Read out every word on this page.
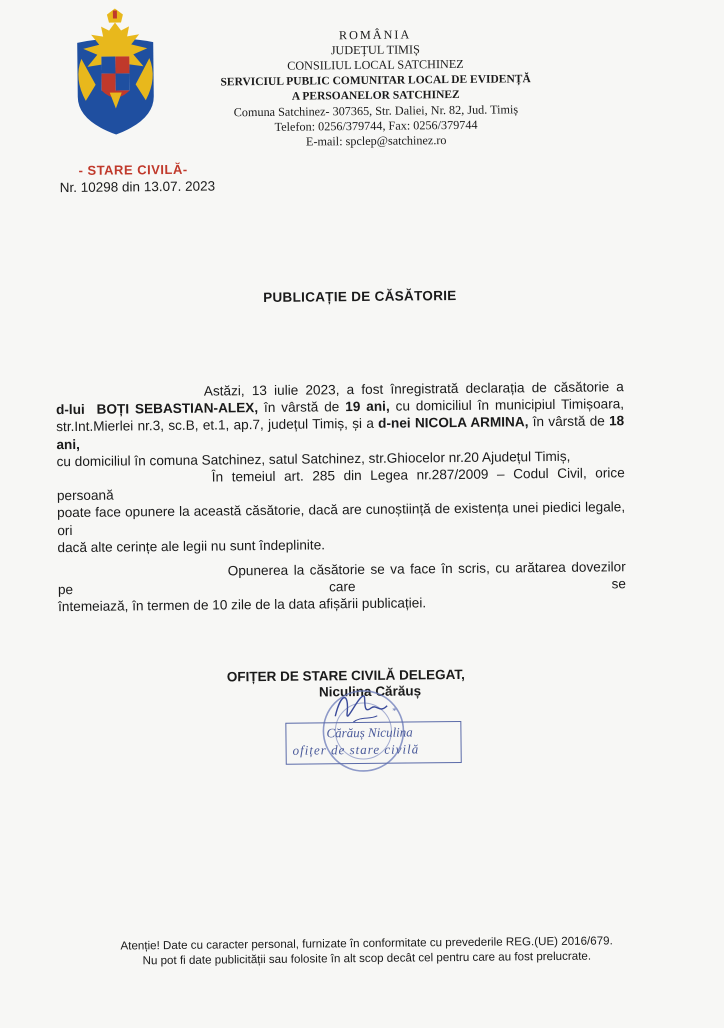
ROMÂNIA
JUDEȚUL TIMIȘ
CONSILIUL LOCAL SATCHINEZ
SERVICIUL PUBLIC COMUNITAR LOCAL DE EVIDENȚĂ
A PERSOANELOR SATCHINEZ
Comuna Satchinez- 307365, Str. Daliei, Nr. 82, Jud. Timiș
Telefon: 0256/379744, Fax: 0256/379744
E-mail: spclep@satchinez.ro
- STARE CIVILĂ-
Nr. 10298 din 13.07. 2023
PUBLICAȚIE DE CĂSĂTORIE

Astăzi, 13 iulie 2023, a fost înregistrată declarația de căsătorie a

d-lui BOȚI SEBASTIAN-ALEX, în vârstă de 19 ani, cu domiciliul în municipiul Timișoara,

str.Int.Mierlei nr.3, sc.B, et.1, ap.7, județul Timiș, și a d-nei NICOLA ARMINA, în vârstă de 18 ani,

cu domiciliul în comuna Satchinez, satul Satchinez, str.Ghiocelor nr.20 Ajudețul Timiș,

În temeiul art. 285 din Legea nr.287/2009 – Codul Civil, orice persoană

poate face opunere la această căsătorie, dacă are cunoștiință de existența unei piedici legale, ori

dacă alte cerințe ale legii nu sunt îndeplinite.

Opunerea la căsătorie se va face în scris, cu arătarea dovezilor pe care se

întemeiază, în termen de 10 zile de la data afișării publicației.

OFIȚER DE STARE CIVILĂ DELEGAT,
Niculina Cărăuș
*
Cărăuș Niculina
ofițer de stare civilă
Atenție! Date cu caracter personal, furnizate în conformitate cu prevederile REG.(UE) 2016/679.
Nu pot fi date publicității sau folosite în alt scop decât cel pentru care au fost prelucrate.
